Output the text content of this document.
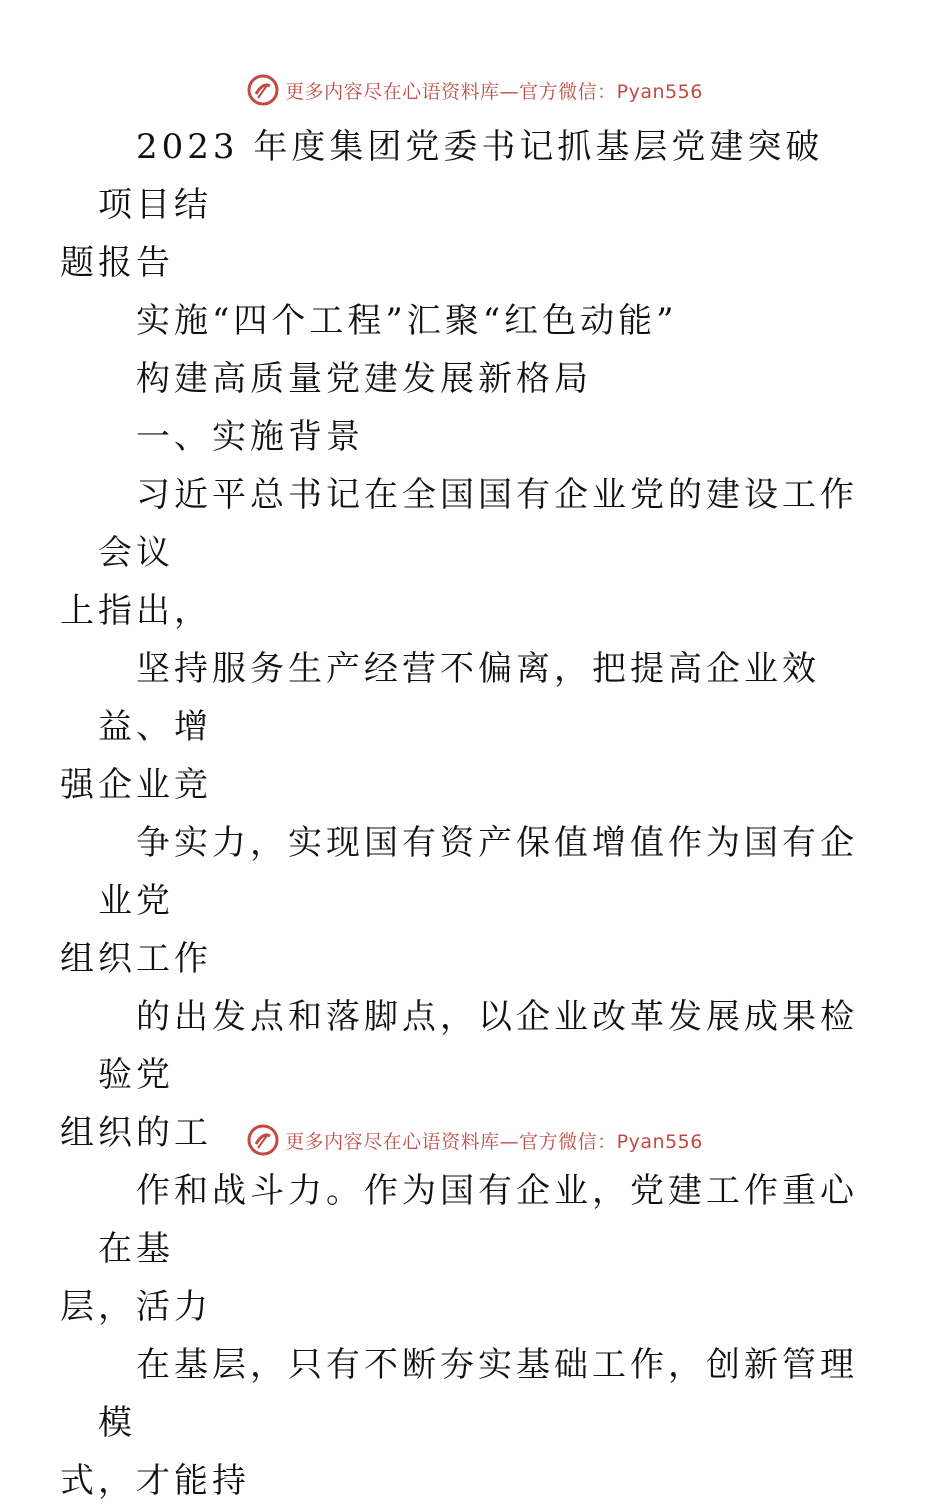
更多内容尽在心语资料库—官方微信：Pyan556

2023 年度集团党委书记抓基层党建突破项目结
题报告

实施“四个工程”汇聚“红色动能”

构建高质量党建发展新格局

一、实施背景

习近平总书记在全国国有企业党的建设工作会议
上指出，

坚持服务生产经营不偏离，把提高企业效益、增
强企业竞

争实力，实现国有资产保值增值作为国有企业党
组织工作

的出发点和落脚点，以企业改革发展成果检验党
组织的工

作和战斗力。作为国有企业，党建工作重心在基
层，活力

在基层，只有不断夯实基础工作，创新管理模
式，才能持

更多内容尽在心语资料库—官方微信：Pyan556
